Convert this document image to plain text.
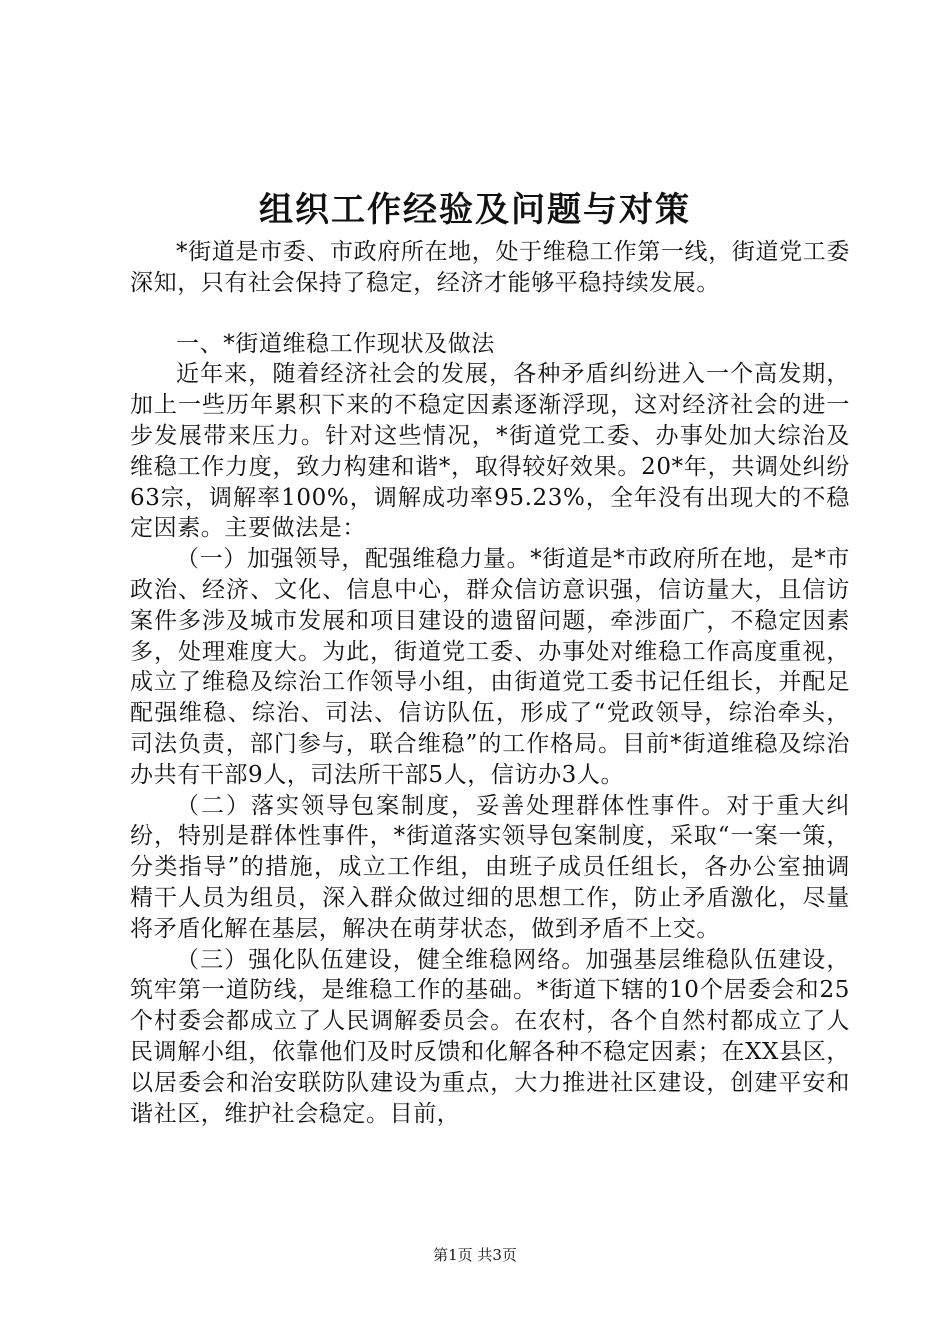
组织工作经验及问题与对策

*街道是市委、市政府所在地，处于维稳工作第一线，街道党工委深知，只有社会保持了稳定，经济才能够平稳持续发展。

一、*街道维稳工作现状及做法

近年来，随着经济社会的发展，各种矛盾纠纷进入一个高发期，加上一些历年累积下来的不稳定因素逐渐浮现，这对经济社会的进一步发展带来压力。针对这些情况，*街道党工委、办事处加大综治及维稳工作力度，致力构建和谐*，取得较好效果。20*年，共调处纠纷63宗，调解率100%，调解成功率95.23%，全年没有出现大的不稳定因素。主要做法是：

（一）加强领导，配强维稳力量。*街道是*市政府所在地，是*市政治、经济、文化、信息中心，群众信访意识强，信访量大，且信访案件多涉及城市发展和项目建设的遗留问题，牵涉面广，不稳定因素多，处理难度大。为此，街道党工委、办事处对维稳工作高度重视，成立了维稳及综治工作领导小组，由街道党工委书记任组长，并配足配强维稳、综治、司法、信访队伍，形成了“党政领导，综治牵头，司法负责，部门参与，联合维稳”的工作格局。目前*街道维稳及综治办共有干部9人，司法所干部5人，信访办3人。

（二）落实领导包案制度，妥善处理群体性事件。对于重大纠纷，特别是群体性事件，*街道落实领导包案制度，采取“一案一策，分类指导”的措施，成立工作组，由班子成员任组长，各办公室抽调精干人员为组员，深入群众做过细的思想工作，防止矛盾激化，尽量将矛盾化解在基层，解决在萌芽状态，做到矛盾不上交。

（三）强化队伍建设，健全维稳网络。加强基层维稳队伍建设，筑牢第一道防线，是维稳工作的基础。*街道下辖的10个居委会和25个村委会都成立了人民调解委员会。在农村，各个自然村都成立了人民调解小组，依靠他们及时反馈和化解各种不稳定因素；在XX县区，以居委会和治安联防队建设为重点，大力推进社区建设，创建平安和谐社区，维护社会稳定。目前，

第1页 共3页
